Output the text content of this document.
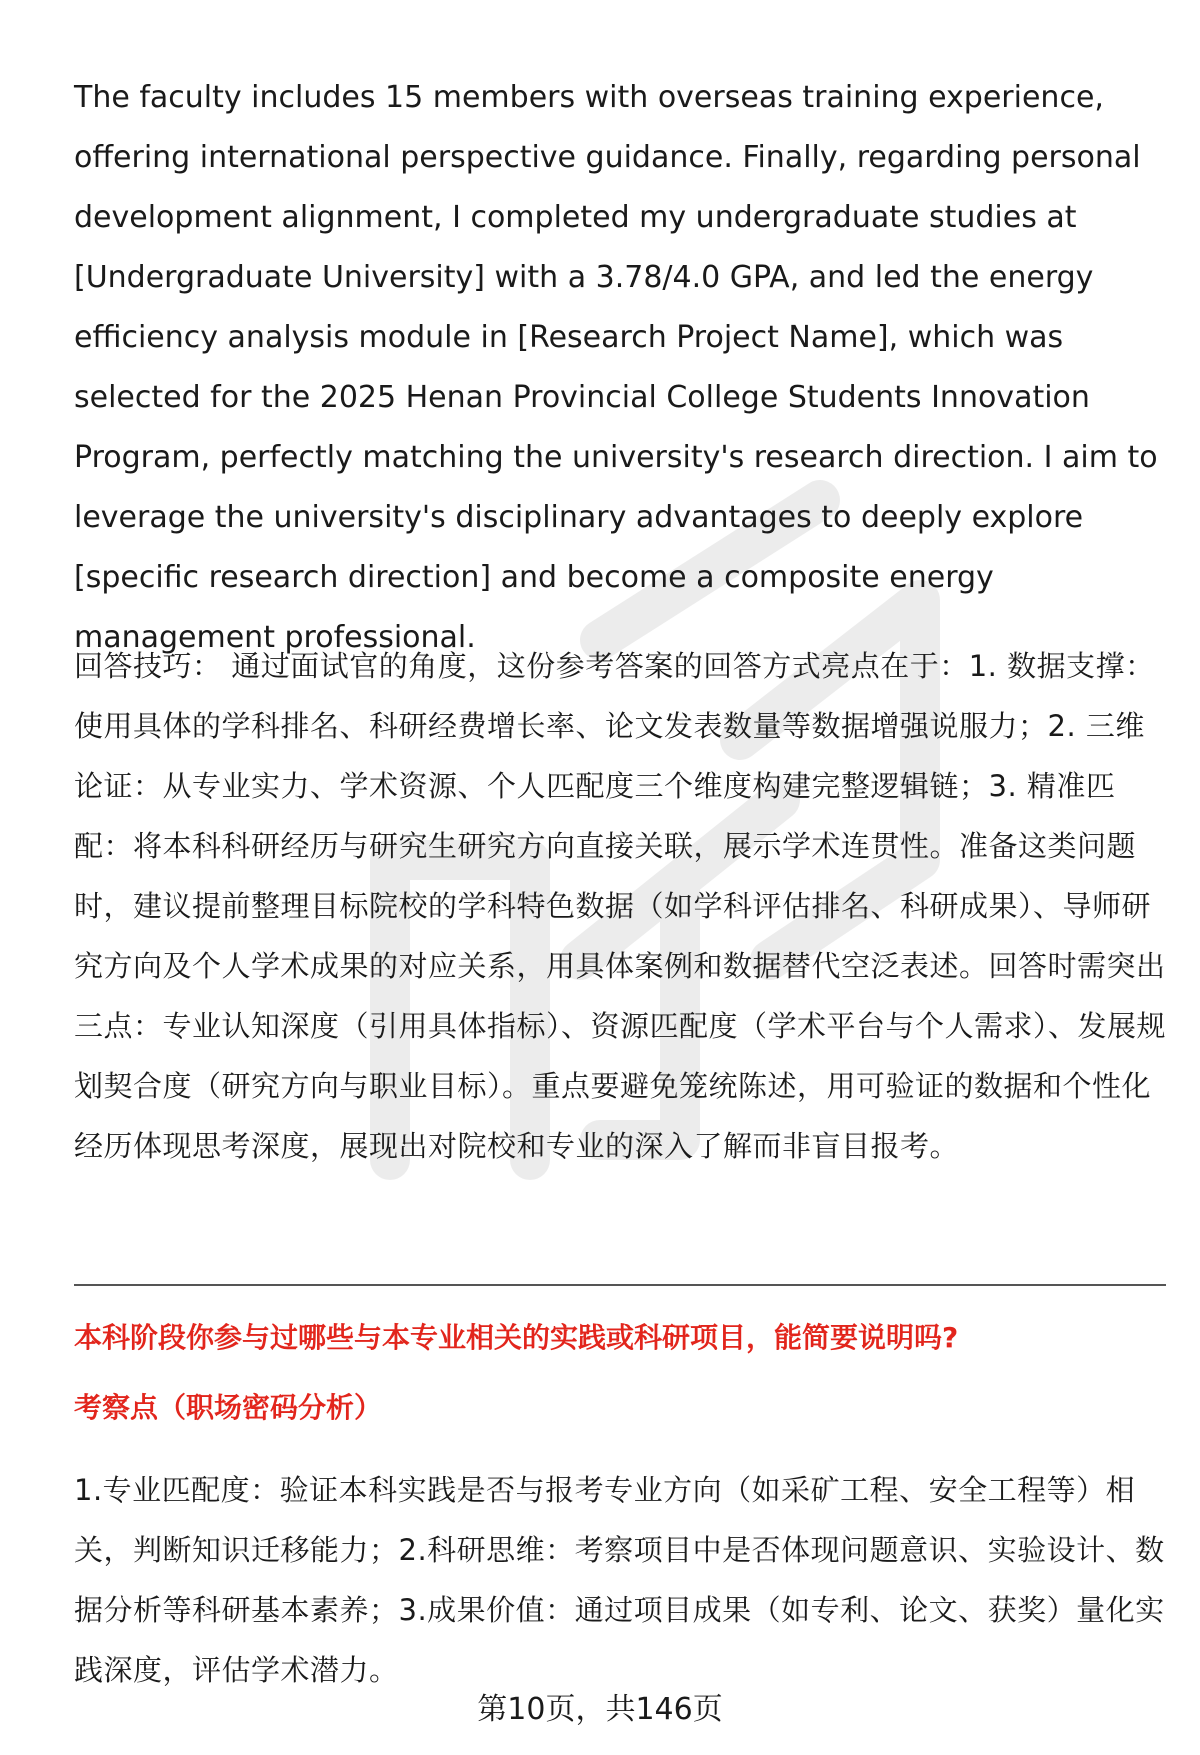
The faculty includes 15 members with overseas training experience, offering international perspective guidance. Finally, regarding personal development alignment, I completed my undergraduate studies at [Undergraduate University] with a 3.78/4.0 GPA, and led the energy efficiency analysis module in [Research Project Name], which was selected for the 2025 Henan Provincial College Students Innovation Program, perfectly matching the university's research direction. I aim to leverage the university's disciplinary advantages to deeply explore [specific research direction] and become a composite energy management professional.

回答技巧： 通过面试官的角度，这份参考答案的回答方式亮点在于：1. 数据支撑：使用具体的学科排名、科研经费增长率、论文发表数量等数据增强说服力；2. 三维论证：从专业实力、学术资源、个人匹配度三个维度构建完整逻辑链；3. 精准匹配：将本科科研经历与研究生研究方向直接关联，展示学术连贯性。准备这类问题时，建议提前整理目标院校的学科特色数据（如学科评估排名、科研成果）、导师研究方向及个人学术成果的对应关系，用具体案例和数据替代空泛表述。回答时需突出三点：专业认知深度（引用具体指标）、资源匹配度（学术平台与个人需求）、发展规划契合度（研究方向与职业目标）。重点要避免笼统陈述，用可验证的数据和个性化经历体现思考深度，展现出对院校和专业的深入了解而非盲目报考。

本科阶段你参与过哪些与本专业相关的实践或科研项目，能简要说明吗?

考察点（职场密码分析）

1.专业匹配度：验证本科实践是否与报考专业方向（如采矿工程、安全工程等）相关，判断知识迁移能力；2.科研思维：考察项目中是否体现问题意识、实验设计、数据分析等科研基本素养；3.成果价值：通过项目成果（如专利、论文、获奖）量化实践深度，评估学术潜力。

第10页，共146页
